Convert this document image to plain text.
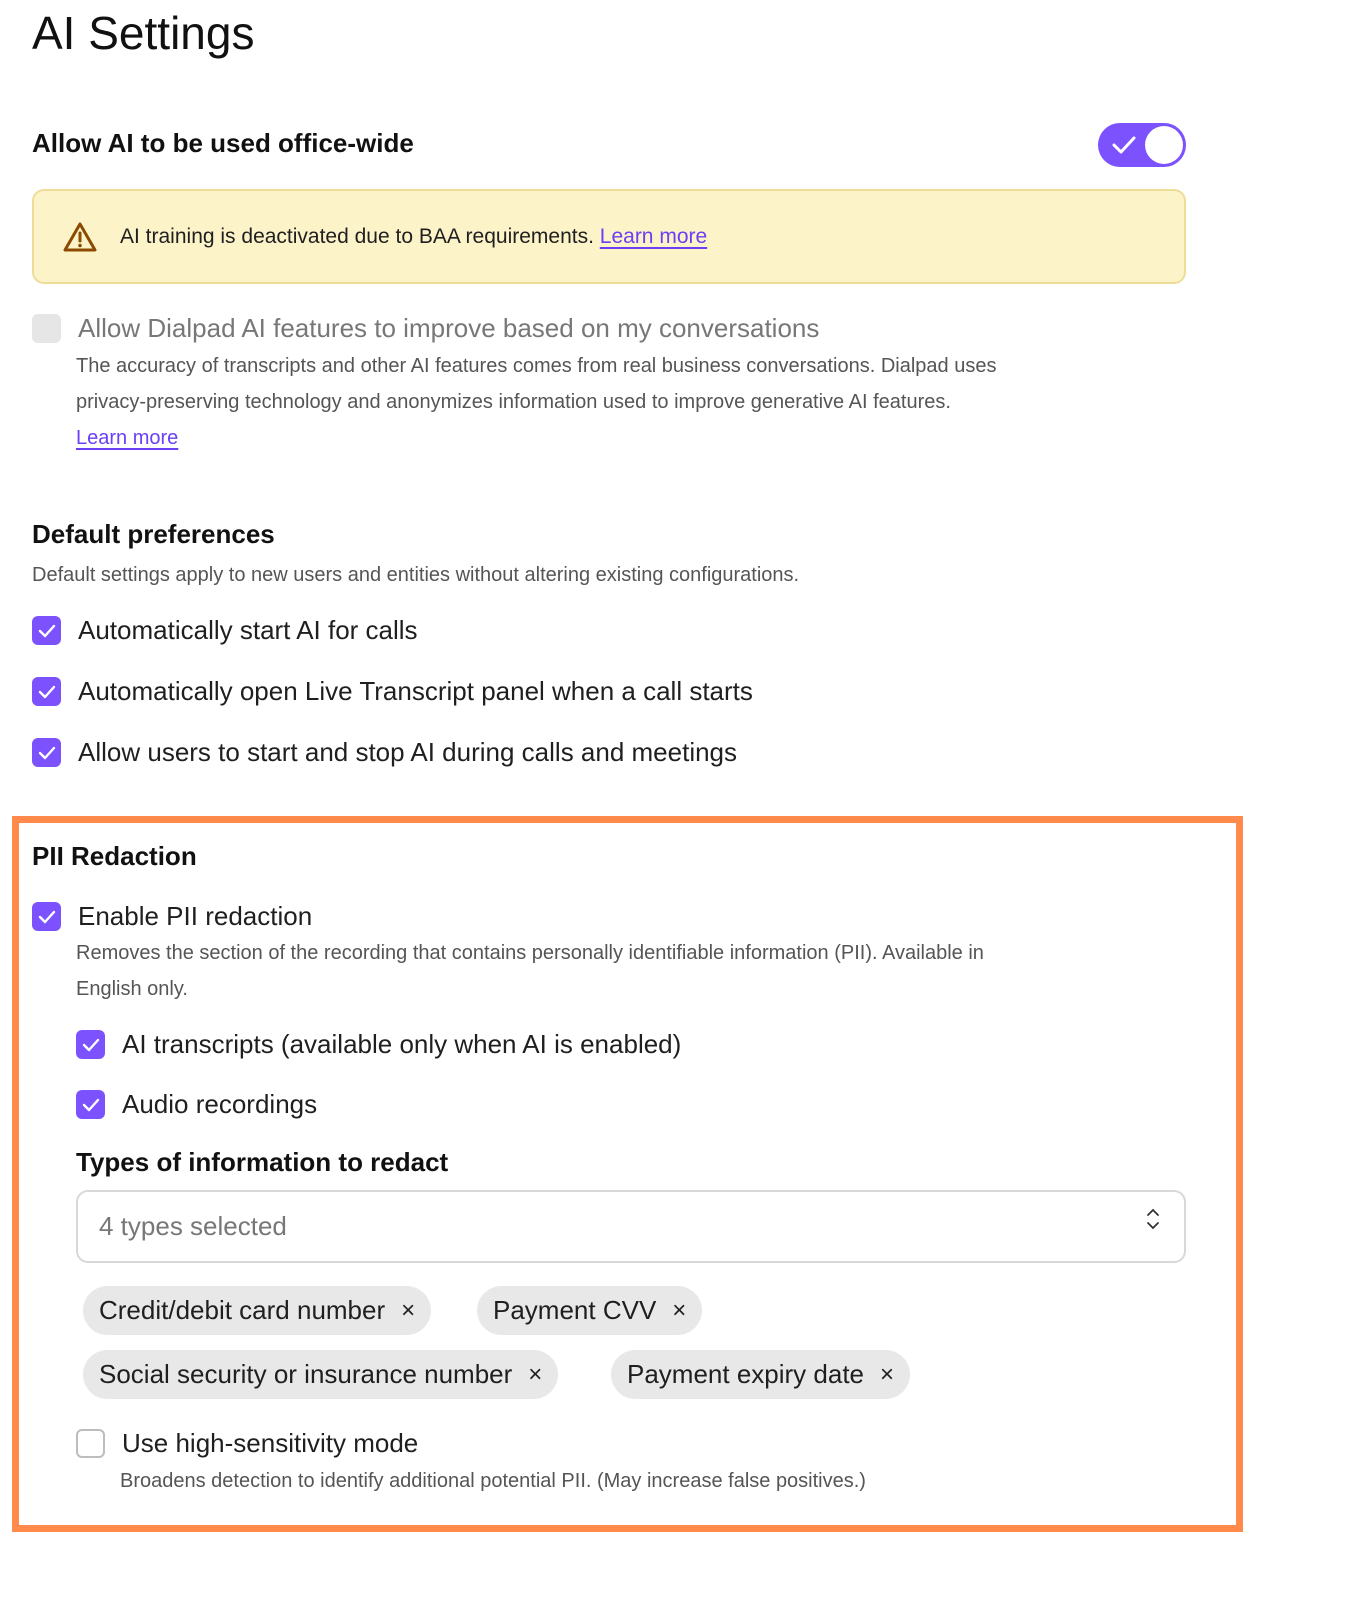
AI Settings
Allow AI to be used office-wide
AI training is deactivated due to BAA requirements. Learn more
Allow Dialpad AI features to improve based on my conversations
The accuracy of transcripts and other AI features comes from real business conversations. Dialpad uses
privacy-preserving technology and anonymizes information used to improve generative AI features.
Learn more
Default preferences
Default settings apply to new users and entities without altering existing configurations.
Automatically start AI for calls
Automatically open Live Transcript panel when a call starts
Allow users to start and stop AI during calls and meetings
PII Redaction
Enable PII redaction
Removes the section of the recording that contains personally identifiable information (PII). Available in
English only.
AI transcripts (available only when AI is enabled)
Audio recordings
Types of information to redact
4 types selected
Credit/debit card number ×	Payment CVV ×
Social security or insurance number ×	Payment expiry date ×
Use high-sensitivity mode
Broadens detection to identify additional potential PII. (May increase false positives.)
